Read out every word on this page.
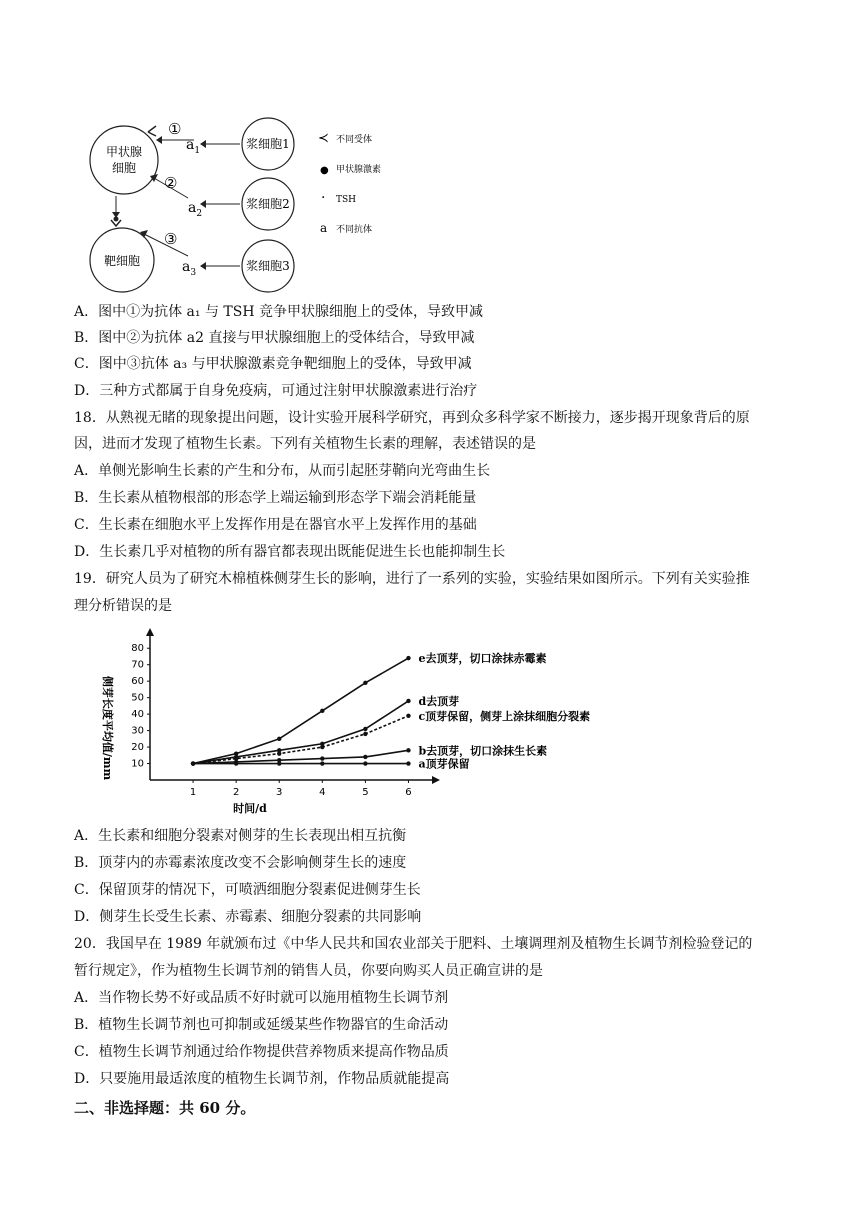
甲状腺
细胞
靶细胞
浆细胞1
浆细胞2
浆细胞3
$a_1$
$a_2$
$a_3$
①
②
③
≺ 不同受体
● 甲状腺激素
· TSH
a 不同抗体
A．图中①为抗体 a₁ 与 TSH 竞争甲状腺细胞上的受体，导致甲减
B．图中②为抗体 a2 直接与甲状腺细胞上的受体结合，导致甲减
C．图中③抗体 a₃ 与甲状腺激素竞争靶细胞上的受体，导致甲减
D．三种方式都属于自身免疫病，可通过注射甲状腺激素进行治疗
18．从熟视无睹的现象提出问题，设计实验开展科学研究，再到众多科学家不断接力，逐步揭开现象背后的原
因，进而才发现了植物生长素。下列有关植物生长素的理解，表述错误的是
A．单侧光影响生长素的产生和分布，从而引起胚芽鞘向光弯曲生长
B．生长素从植物根部的形态学上端运输到形态学下端会消耗能量
C．生长素在细胞水平上发挥作用是在器官水平上发挥作用的基础
D．生长素几乎对植物的所有器官都表现出既能促进生长也能抑制生长
19．研究人员为了研究木棉植株侧芽生长的影响，进行了一系列的实验，实验结果如图所示。下列有关实验推
理分析错误的是
10
20
30
40
50
60
70
80
1	2	3	4	5	6
e去顶芽，切口涂抹赤霉素
d去顶芽
c顶芽保留，侧芽上涂抹细胞分裂素
b去顶芽，切口涂抹生长素
a顶芽保留
侧芽长度平均值/mm
时间/d
A．生长素和细胞分裂素对侧芽的生长表现出相互抗衡
B．顶芽内的赤霉素浓度改变不会影响侧芽生长的速度
C．保留顶芽的情况下，可喷洒细胞分裂素促进侧芽生长
D．侧芽生长受生长素、赤霉素、细胞分裂素的共同影响
20．我国早在 1989 年就颁布过《中华人民共和国农业部关于肥料、土壤调理剂及植物生长调节剂检验登记的
暂行规定》，作为植物生长调节剂的销售人员，你要向购买人员正确宣讲的是
A．当作物长势不好或品质不好时就可以施用植物生长调节剂
B．植物生长调节剂也可抑制或延缓某些作物器官的生命活动
C．植物生长调节剂通过给作物提供营养物质来提高作物品质
D．只要施用最适浓度的植物生长调节剂，作物品质就能提高
二、非选择题：共 60 分。
